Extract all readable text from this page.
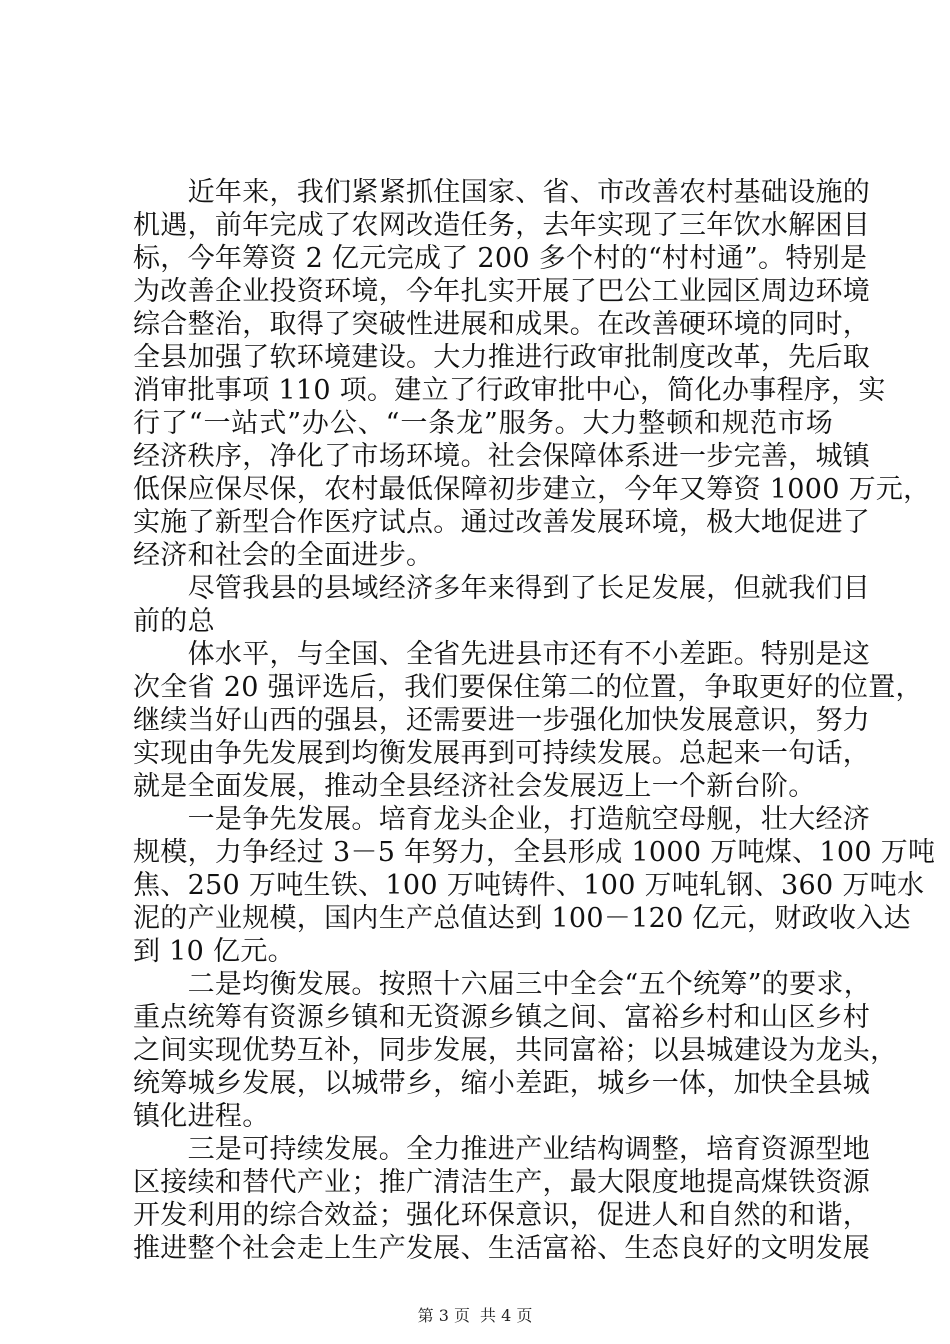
　　近年来，我们紧紧抓住国家、省、市改善农村基础设施的
机遇，前年完成了农网改造任务，去年实现了三年饮水解困目
标，今年筹资 2 亿元完成了 200 多个村的“村村通”。特别是
为改善企业投资环境，今年扎实开展了巴公工业园区周边环境
综合整治，取得了突破性进展和成果。在改善硬环境的同时，
全县加强了软环境建设。大力推进行政审批制度改革，先后取
消审批事项 110 项。建立了行政审批中心，简化办事程序，实
行了“一站式”办公、“一条龙”服务。大力整顿和规范市场
经济秩序，净化了市场环境。社会保障体系进一步完善，城镇
低保应保尽保，农村最低保障初步建立，今年又筹资 1000 万元，
实施了新型合作医疗试点。通过改善发展环境，极大地促进了
经济和社会的全面进步。
　　尽管我县的县域经济多年来得到了长足发展，但就我们目
前的总
　　体水平，与全国、全省先进县市还有不小差距。特别是这
次全省 20 强评选后，我们要保住第二的位置，争取更好的位置，
继续当好山西的强县，还需要进一步强化加快发展意识，努力
实现由争先发展到均衡发展再到可持续发展。总起来一句话，
就是全面发展，推动全县经济社会发展迈上一个新台阶。
　　一是争先发展。培育龙头企业，打造航空母舰，壮大经济
规模，力争经过 3－5 年努力，全县形成 1000 万吨煤、100 万吨
焦、250 万吨生铁、100 万吨铸件、100 万吨轧钢、360 万吨水
泥的产业规模，国内生产总值达到 100－120 亿元，财政收入达
到 10 亿元。
　　二是均衡发展。按照十六届三中全会“五个统筹”的要求，
重点统筹有资源乡镇和无资源乡镇之间、富裕乡村和山区乡村
之间实现优势互补，同步发展，共同富裕；以县城建设为龙头，
统筹城乡发展，以城带乡，缩小差距，城乡一体，加快全县城
镇化进程。
　　三是可持续发展。全力推进产业结构调整，培育资源型地
区接续和替代产业；推广清洁生产，最大限度地提高煤铁资源
开发利用的综合效益；强化环保意识，促进人和自然的和谐，
推进整个社会走上生产发展、生活富裕、生态良好的文明发展
第 3 页 共 4 页
